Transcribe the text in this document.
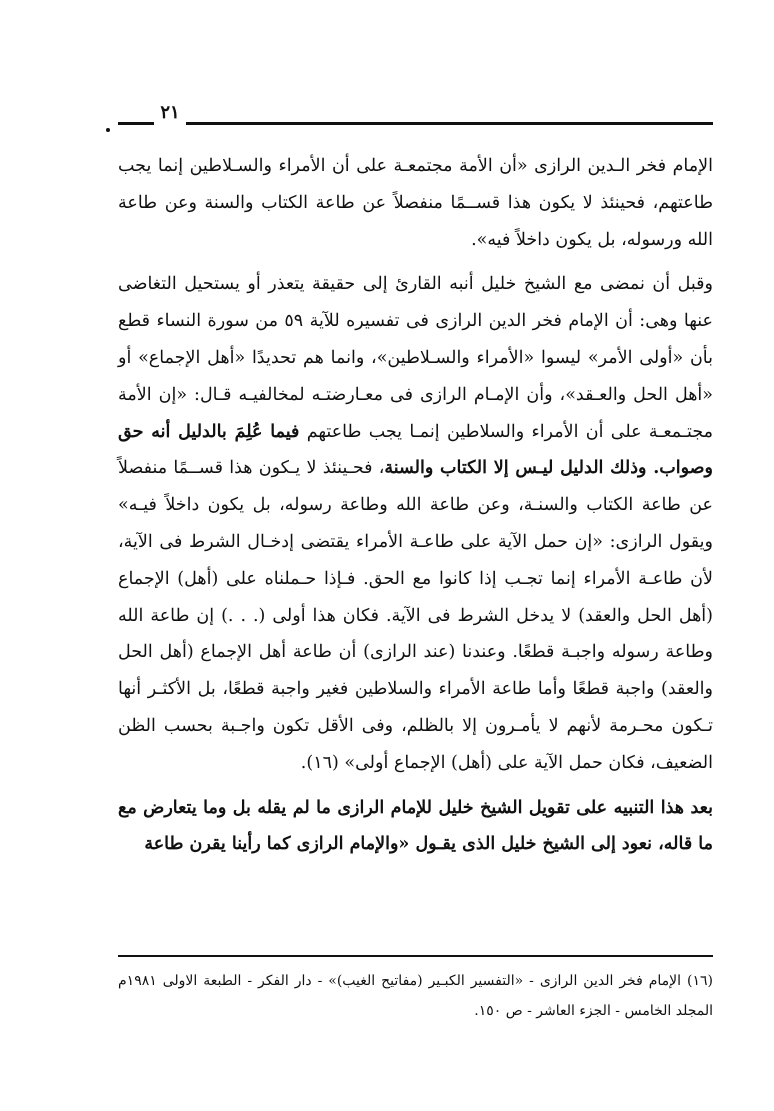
٢١

الإمام فخر الـدين الرازى «أن الأمة مجتمعـة على أن الأمراء والسـلاطين إنما يجب طاعتهم، فحينئذ لا يكون هذا قســمًا منفصلاً عن طاعة الكتاب والسنة وعن طاعة الله ورسوله، بل يكون داخلاً فيه».

وقبل أن نمضى مع الشيخ خليل أنبه القارئ إلى حقيقة يتعذر أو يستحيل التغاضى عنها وهى: أن الإمام فخر الدين الرازى فى تفسيره للآية ٥٩ من سورة النساء قطع بأن «أولى الأمر» ليسوا «الأمراء والسـلاطين»، وانما هم تحديدًا «أهل الإجماع» أو «أهل الحل والعـقد»، وأن الإمـام الرازى فى معـارضتـه لمخالفيـه قـال: «إن الأمة مجتـمعـة على أن الأمراء والسلاطين إنمـا يجب طاعتهم فيما عُلِمَ بالدليل أنه حق وصواب. وذلك الدليل ليـس إلا الكتاب والسنة، فحـينئذ لا يـكون هذا قســمًا منفصلاً عن طاعة الكتاب والسنـة، وعن طاعة الله وطاعة رسوله، بل يكون داخلاً فيـه» ويقول الرازى: «إن حمل الآية على طاعـة الأمراء يقتضى إدخـال الشرط فى الآية، لأن طاعـة الأمراء إنما تجـب إذا كانوا مع الحق. فـإذا حـملناه على (أهل) الإجماع (أهل الحل والعقد) لا يدخل الشرط فى الآية. فكان هذا أولى (. . .) إن طاعة الله وطاعة رسوله واجبـة قطعًا. وعندنا (عند الرازى) أن طاعة أهل الإجماع (أهل الحل والعقد) واجبة قطعًا وأما طاعة الأمراء والسلاطين فغير واجبة قطعًا، بل الأكثـر أنها تـكون محـرمة لأنهم لا يأمـرون إلا بالظلم، وفى الأقل تكون واجـبة بحسب الظن الضعيف، فكان حمل الآية على (أهل) الإجماع أولى» (١٦).

بعد هذا التنبيه على تقويل الشيخ خليل للإمام الرازى ما لم يقله بل وما يتعارض مع ما قاله، نعود إلى الشيخ خليل الذى يقـول «والإمام الرازى كما رأينا يقرن طاعة

(١٦) الإمام فخر الدين الرازى - «التفسير الكبـير (مفاتيح الغيب)» - دار الفكر - الطبعة الاولى ١٩٨١م المجلد الخامس - الجزء العاشر - ص ١٥٠.
